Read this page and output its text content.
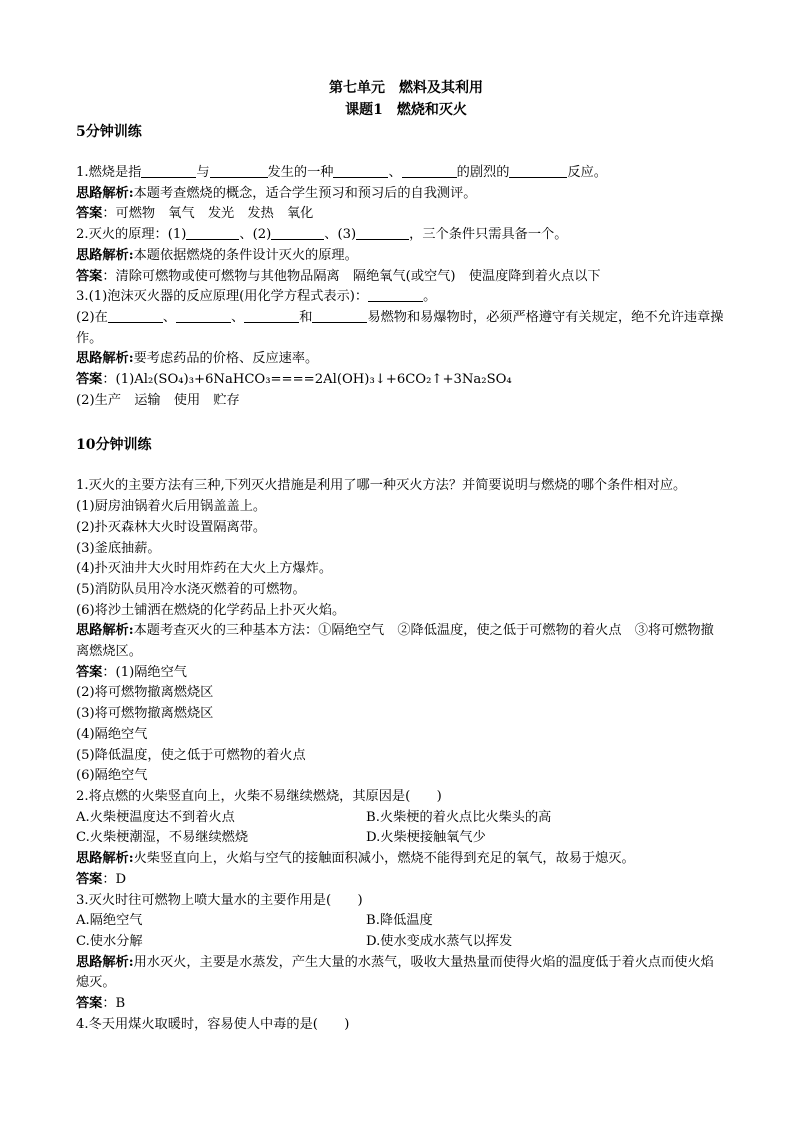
第七单元　燃料及其利用
课题1　燃烧和灭火
5分钟训练
1.燃烧是指	与	发生的一种	、	的剧烈的	反应。
思路解析:本题考查燃烧的概念，适合学生预习和预习后的自我测评。
答案：可燃物　氧气　发光　发热　氧化
2.灭火的原理：(1)	、(2)	、(3)	，三个条件只需具备一个。
思路解析:本题依据燃烧的条件设计灭火的原理。
答案：清除可燃物或使可燃物与其他物品隔离　隔绝氧气(或空气)　使温度降到着火点以下
3.(1)泡沫灭火器的反应原理(用化学方程式表示)：	。
(2)在	、	、	和	易燃物和易爆物时，必须严格遵守有关规定，绝不允许违章操作。
思路解析:要考虑药品的价格、反应速率。
答案：(1)Al₂(SO₄)₃+6NaHCO₃====2Al(OH)₃↓+6CO₂↑+3Na₂SO₄
(2)生产　运输　使用　贮存
10分钟训练
1.灭火的主要方法有三种,下列灭火措施是利用了哪一种灭火方法？并简要说明与燃烧的哪个条件相对应。
(1)厨房油锅着火后用锅盖盖上。
(2)扑灭森林大火时设置隔离带。
(3)釜底抽薪。
(4)扑灭油井大火时用炸药在大火上方爆炸。
(5)消防队员用冷水浇灭燃着的可燃物。
(6)将沙土铺洒在燃烧的化学药品上扑灭火焰。
思路解析:本题考查灭火的三种基本方法：①隔绝空气　②降低温度，使之低于可燃物的着火点　③将可燃物撤离燃烧区。
答案：(1)隔绝空气
(2)将可燃物撤离燃烧区
(3)将可燃物撤离燃烧区
(4)隔绝空气
(5)降低温度，使之低于可燃物的着火点
(6)隔绝空气
2.将点燃的火柴竖直向上，火柴不易继续燃烧，其原因是(　　)
A.火柴梗温度达不到着火点	B.火柴梗的着火点比火柴头的高
C.火柴梗潮湿，不易继续燃烧	D.火柴梗接触氧气少
思路解析:火柴竖直向上，火焰与空气的接触面积减小，燃烧不能得到充足的氧气，故易于熄灭。
答案：D
3.灭火时往可燃物上喷大量水的主要作用是(　　)
A.隔绝空气	B.降低温度
C.使水分解	D.使水变成水蒸气以挥发
思路解析:用水灭火，主要是水蒸发，产生大量的水蒸气，吸收大量热量而使得火焰的温度低于着火点而使火焰熄灭。
答案：B
4.冬天用煤火取暖时，容易使人中毒的是(　　)
